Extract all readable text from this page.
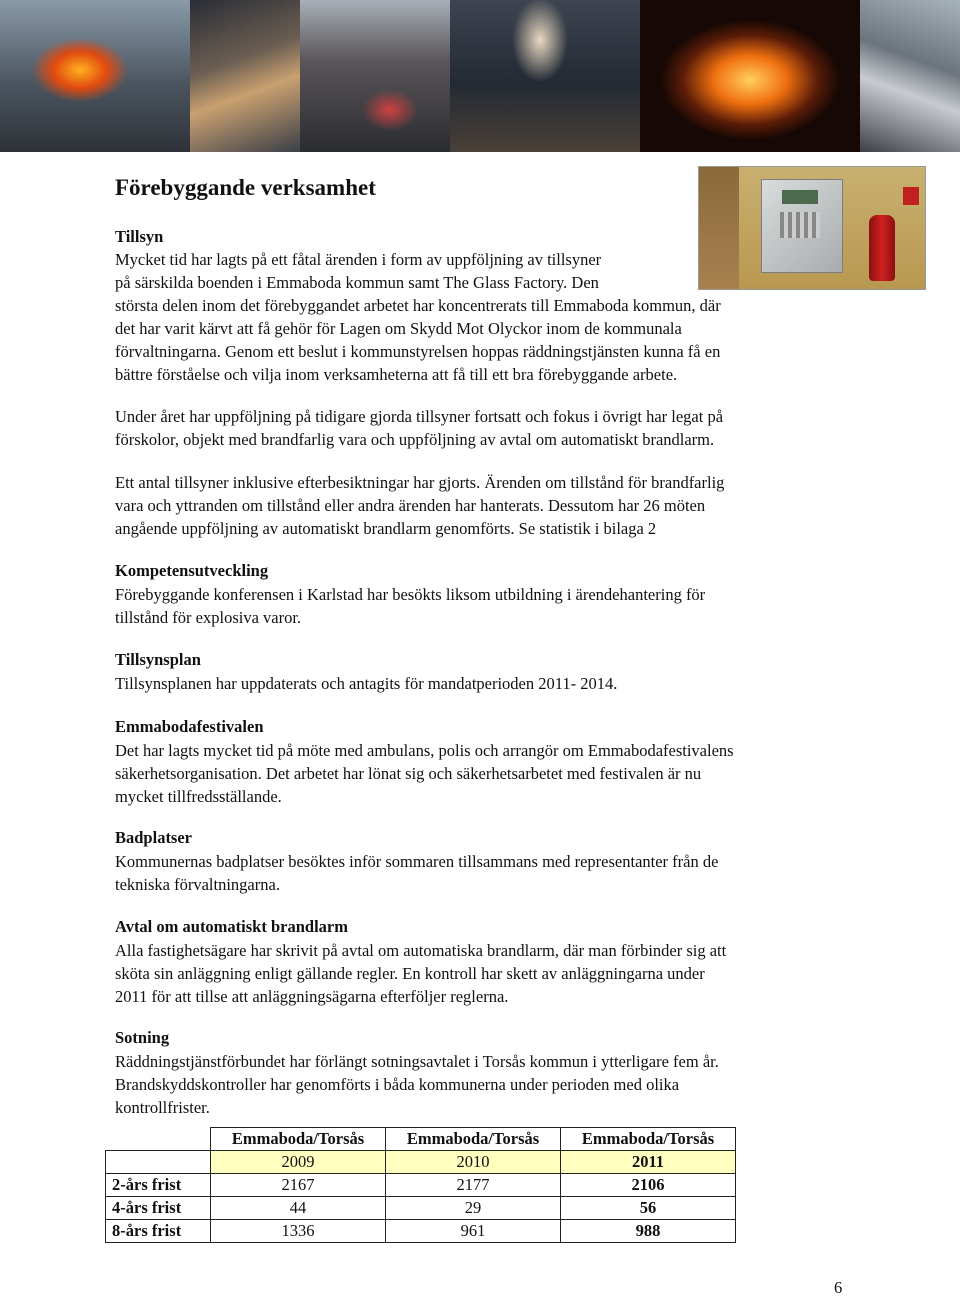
Förebyggande verksamhet
Tillsyn
Mycket tid har lagts på ett fåtal ärenden i form av uppföljning av tillsyner
på särskilda boenden i Emmaboda kommun samt The Glass Factory. Den
största delen inom det förebyggandet arbetet har koncentrerats till Emmaboda kommun, där
det har varit kärvt att få gehör för Lagen om Skydd Mot Olyckor inom de kommunala
förvaltningarna. Genom ett beslut i kommunstyrelsen hoppas räddningstjänsten kunna få en
bättre förståelse och vilja inom verksamheterna att få till ett bra förebyggande arbete.
Under året har uppföljning på tidigare gjorda tillsyner fortsatt och fokus i övrigt har legat på
förskolor, objekt med brandfarlig vara och uppföljning av avtal om automatiskt brandlarm.
Ett antal tillsyner inklusive efterbesiktningar har gjorts. Ärenden om tillstånd för brandfarlig
vara och yttranden om tillstånd eller andra ärenden har hanterats. Dessutom har 26 möten
angående uppföljning av automatiskt brandlarm genomförts. Se statistik i bilaga 2
Kompetensutveckling
Förebyggande konferensen i Karlstad har besökts liksom utbildning i ärendehantering för
tillstånd för explosiva varor.
Tillsynsplan
Tillsynsplanen har uppdaterats och antagits för mandatperioden 2011- 2014.
Emmabodafestivalen
Det har lagts mycket tid på möte med ambulans, polis och arrangör om Emmabodafestivalens
säkerhetsorganisation. Det arbetet har lönat sig och säkerhetsarbetet med festivalen är nu
mycket tillfredsställande.
Badplatser
Kommunernas badplatser besöktes inför sommaren tillsammans med representanter från de
tekniska förvaltningarna.
Avtal om automatiskt brandlarm
Alla fastighetsägare har skrivit på avtal om automatiska brandlarm, där man förbinder sig att
sköta sin anläggning enligt gällande regler. En kontroll har skett av anläggningarna under
2011 för att tillse att anläggningsägarna efterföljer reglerna.
Sotning
Räddningstjänstförbundet har förlängt sotningsavtalet i Torsås kommun i ytterligare fem år.
Brandskyddskontroller har genomförts i båda kommunerna under perioden med olika
kontrollfrister.
	Emmaboda/Torsås	Emmaboda/Torsås	Emmaboda/Torsås
	2009	2010	2011
2-års frist	2167	2177	2106
4-års frist	44	29	56
8-års frist	1336	961	988
6
